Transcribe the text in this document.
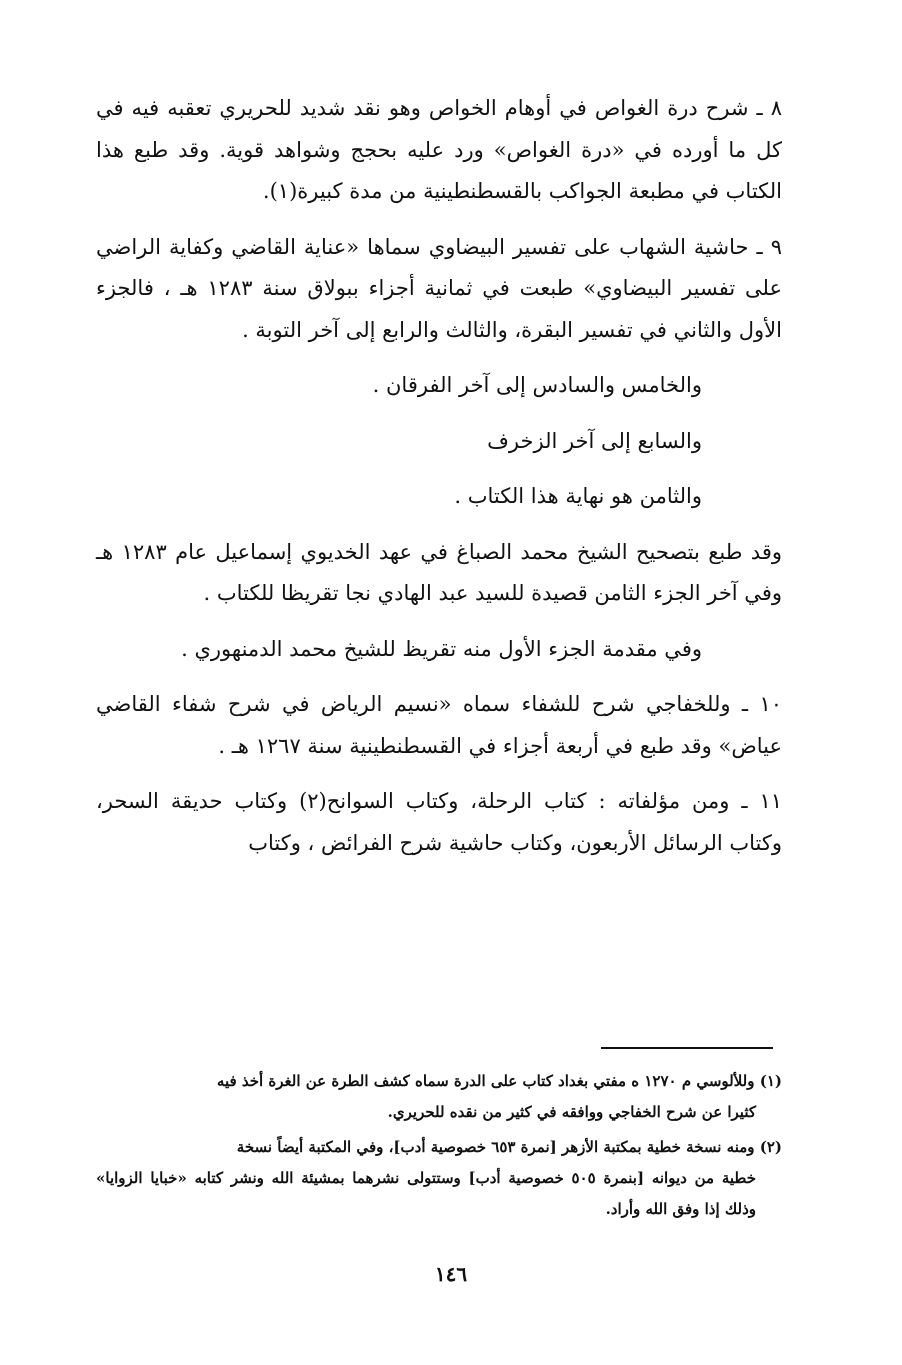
٨ ـ شرح درة الغواص في أوهام الخواص وهو نقد شديد للحريري تعقبه فيه في كل ما أورده في «درة الغواص» ورد عليه بحجج وشواهد قوية. وقد طبع هذا الكتاب في مطبعة الجواكب بالقسطنطينية من مدة كبيرة(١).

٩ ـ حاشية الشهاب على تفسير البيضاوي سماها «عناية القاضي وكفاية الراضي على تفسير البيضاوي» طبعت في ثمانية أجزاء ببولاق سنة ١٢٨٣ هـ ، فالجزء الأول والثاني في تفسير البقرة، والثالث والرابع إلى آخر التوبة .

والخامس والسادس إلى آخر الفرقان .

والسابع إلى آخر الزخرف

والثامن هو نهاية هذا الكتاب .

وقد طبع بتصحيح الشيخ محمد الصباغ في عهد الخديوي إسماعيل عام ١٢٨٣ هـ وفي آخر الجزء الثامن قصيدة للسيد عبد الهادي نجا تقريظا للكتاب .

وفي مقدمة الجزء الأول منه تقريظ للشيخ محمد الدمنهوري .

١٠ ـ وللخفاجي شرح للشفاء سماه «نسيم الرياض في شرح شفاء القاضي عياض» وقد طبع في أربعة أجزاء في القسطنطينية سنة ١٢٦٧ هـ .

١١ ـ ومن مؤلفاته : كتاب الرحلة، وكتاب السوانح(٢) وكتاب حديقة السحر، وكتاب الرسائل الأربعون، وكتاب حاشية شرح الفرائض ، وكتاب

(١) وللألوسي م ١٢٧٠ ه مفتي بغداد كتاب على الدرة سماه كشف الطرة عن الغرة أخذ فيه
كثيرا عن شرح الخفاجي ووافقه في كثير من نقده للحريري.
(٢) ومنه نسخة خطية بمكتبة الأزهر [نمرة ٦٥٣ خصوصية أدب]، وفي المكتبة أيضاً نسخة
خطية من ديوانه [بنمرة ٥٠٥ خصوصية أدب] وستتولى نشرهما بمشيئة الله ونشر كتابه «خبايا الزوايا» وذلك إذا وفق الله وأراد.
١٤٦
